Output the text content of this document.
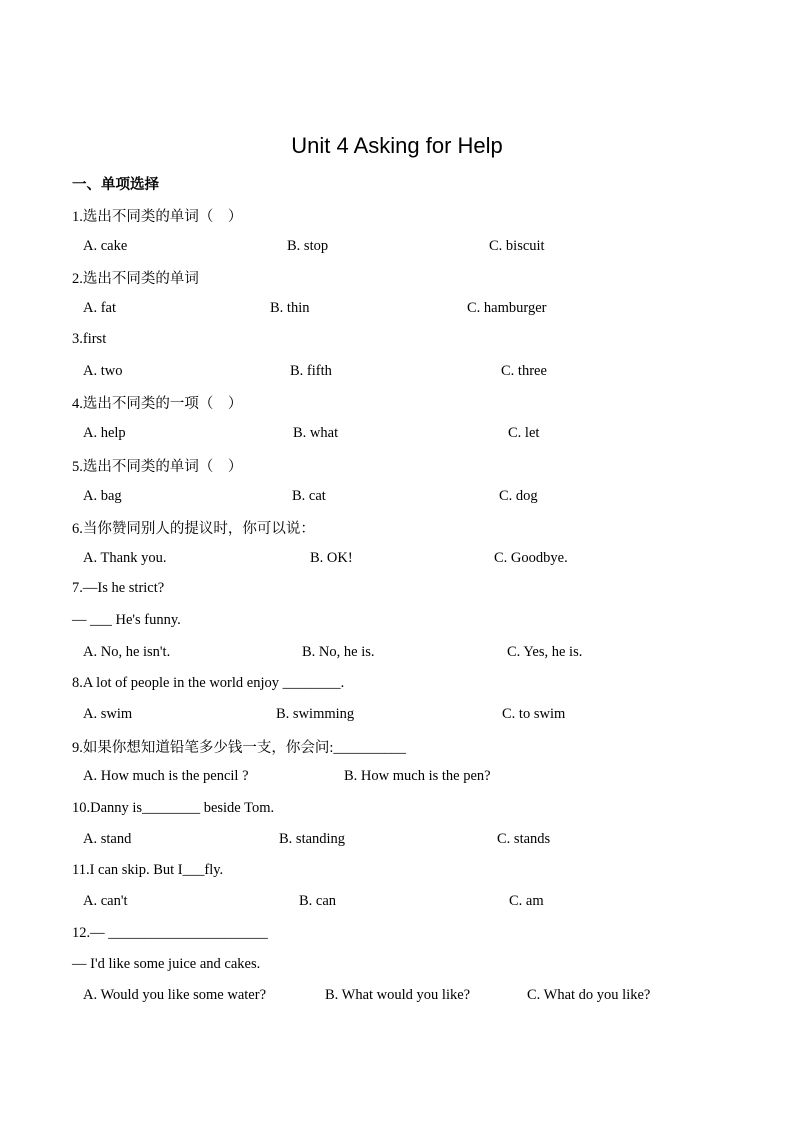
Unit 4 Asking for Help
一、单项选择
1.选出不同类的单词（　）
A. cake	B. stop	C. biscuit
2.选出不同类的单词
A. fat	B. thin	C. hamburger
3.first
A. two	B. fifth	C. three
4.选出不同类的一项（　）
A. help	B. what	C. let
5.选出不同类的单词（　）
A. bag	B. cat	C. dog
6.当你赞同别人的提议时，你可以说：
A. Thank you.	B. OK!	C. Goodbye.
7.—Is he strict?
— ___ He's funny.
A. No, he isn't.	B. No, he is.	C. Yes, he is.
8.A lot of people in the world enjoy ________.
A. swim	B. swimming	C. to swim
9.如果你想知道铅笔多少钱一支，你会问:__________
A. How much is the pencil ?	B. How much is the pen?
10.Danny is________ beside Tom.
A. stand	B. standing	C. stands
11.I can skip. But I___fly.
A. can't	B. can	C. am
12.— ______________________
— I'd like some juice and cakes.
A. Would you like some water?	B. What would you like?	C. What do you like?
